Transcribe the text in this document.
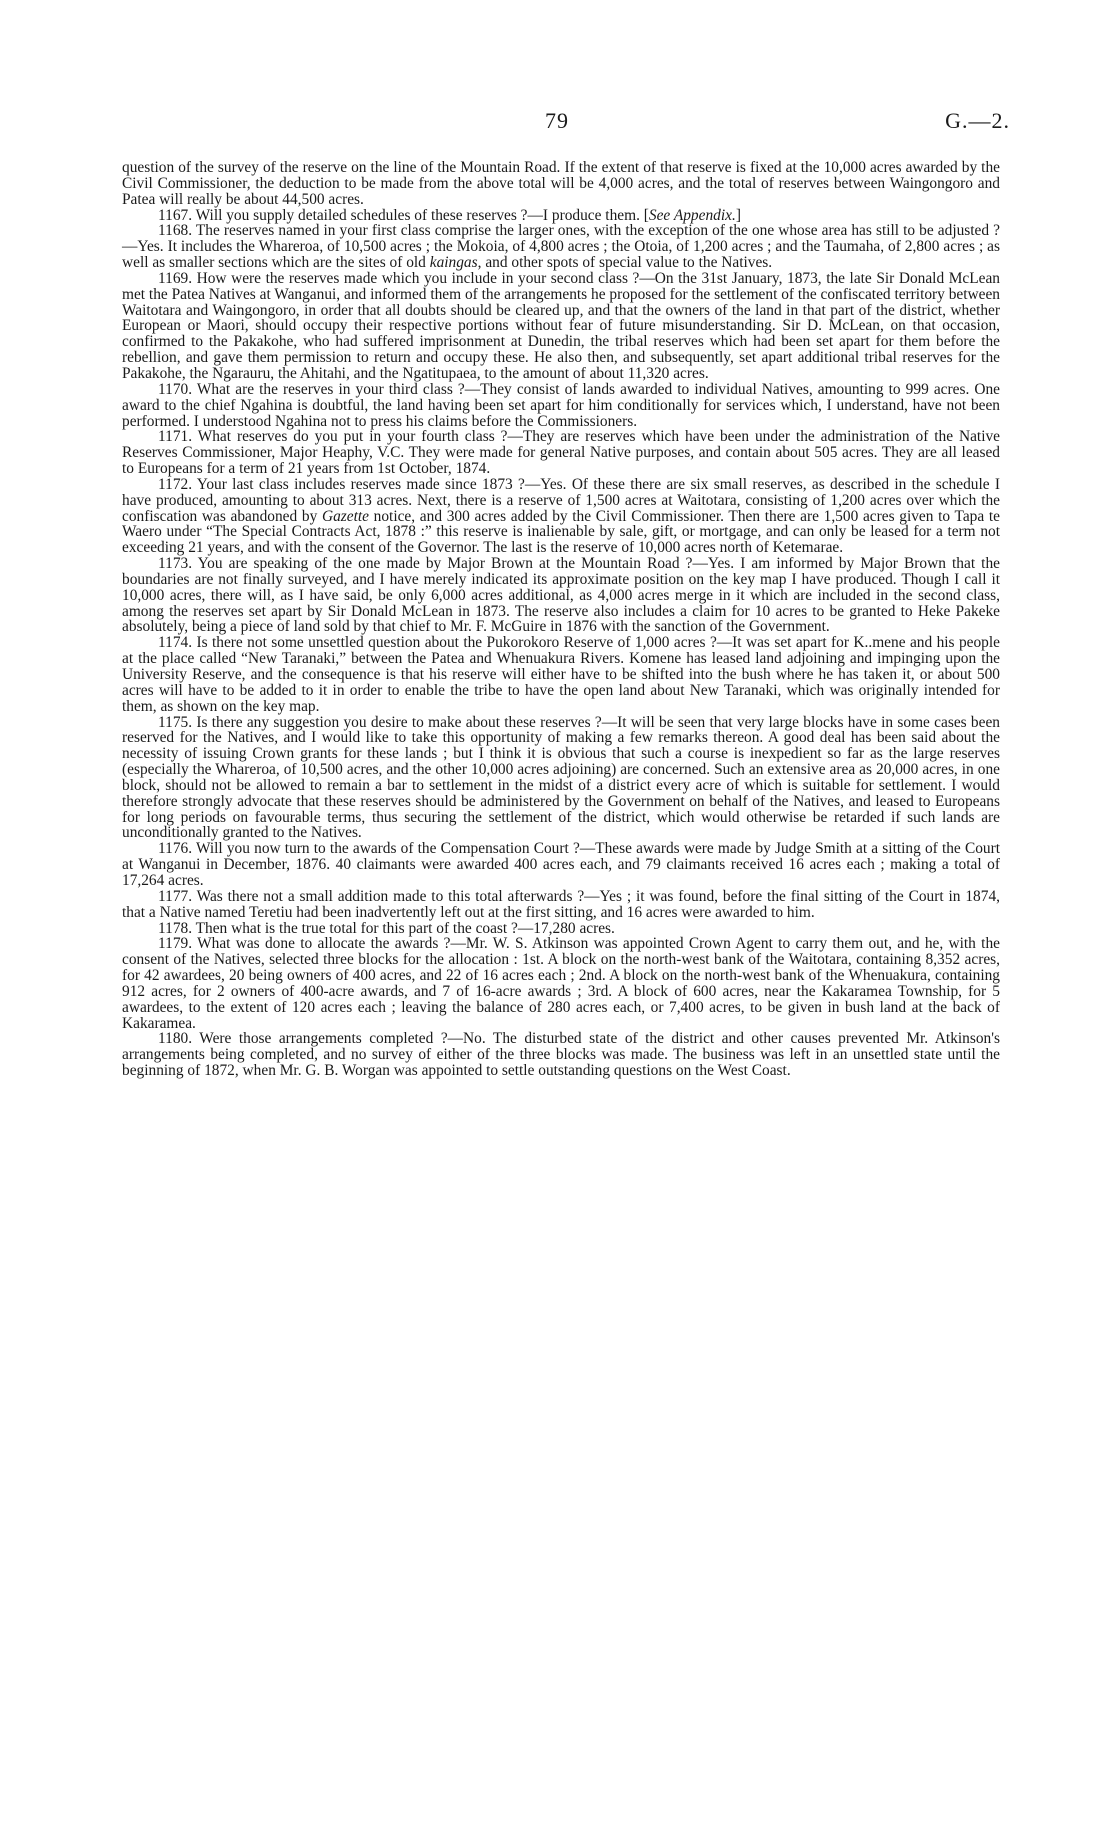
79	G.—2.

question of the survey of the reserve on the line of the Mountain Road. If the extent of that reserve is fixed at the 10,000 acres awarded by the Civil Commissioner, the deduction to be made from the above total will be 4,000 acres, and the total of reserves between Waingongoro and Patea will really be about 44,500 acres.

1167. Will you supply detailed schedules of these reserves ?—I produce them. [See Appendix.]

1168. The reserves named in your first class comprise the larger ones, with the exception of the one whose area has still to be adjusted ?—Yes. It includes the Whareroa, of 10,500 acres ; the Mokoia, of 4,800 acres ; the Otoia, of 1,200 acres ; and the Taumaha, of 2,800 acres ; as well as smaller sections which are the sites of old kaingas, and other spots of special value to the Natives.

1169. How were the reserves made which you include in your second class ?—On the 31st January, 1873, the late Sir Donald McLean met the Patea Natives at Wanganui, and informed them of the arrangements he proposed for the settlement of the confiscated territory between Waitotara and Waingongoro, in order that all doubts should be cleared up, and that the owners of the land in that part of the district, whether European or Maori, should occupy their respective portions without fear of future misunderstanding. Sir D. McLean, on that occasion, confirmed to the Pakakohe, who had suffered imprisonment at Dunedin, the tribal reserves which had been set apart for them before the rebellion, and gave them permission to return and occupy these. He also then, and subsequently, set apart additional tribal reserves for the Pakakohe, the Ngarauru, the Ahitahi, and the Ngatitupaea, to the amount of about 11,320 acres.

1170. What are the reserves in your third class ?—They consist of lands awarded to individual Natives, amounting to 999 acres. One award to the chief Ngahina is doubtful, the land having been set apart for him conditionally for services which, I understand, have not been performed. I understood Ngahina not to press his claims before the Commissioners.

1171. What reserves do you put in your fourth class ?—They are reserves which have been under the administration of the Native Reserves Commissioner, Major Heaphy, V.C. They were made for general Native purposes, and contain about 505 acres. They are all leased to Europeans for a term of 21 years from 1st October, 1874.

1172. Your last class includes reserves made since 1873 ?—Yes. Of these there are six small reserves, as described in the schedule I have produced, amounting to about 313 acres. Next, there is a reserve of 1,500 acres at Waitotara, consisting of 1,200 acres over which the confiscation was abandoned by Gazette notice, and 300 acres added by the Civil Commissioner. Then there are 1,500 acres given to Tapa te Waero under “The Special Contracts Act, 1878 :” this reserve is inalienable by sale, gift, or mortgage, and can only be leased for a term not exceeding 21 years, and with the consent of the Governor. The last is the reserve of 10,000 acres north of Ketemarae.

1173. You are speaking of the one made by Major Brown at the Mountain Road ?—Yes. I am informed by Major Brown that the boundaries are not finally surveyed, and I have merely indicated its approximate position on the key map I have produced. Though I call it 10,000 acres, there will, as I have said, be only 6,000 acres additional, as 4,000 acres merge in it which are included in the second class, among the reserves set apart by Sir Donald McLean in 1873. The reserve also includes a claim for 10 acres to be granted to Heke Pakeke absolutely, being a piece of land sold by that chief to Mr. F. McGuire in 1876 with the sanction of the Government.

1174. Is there not some unsettled question about the Pukorokoro Reserve of 1,000 acres ?—It was set apart for K..mene and his people at the place called “New Taranaki,” between the Patea and Whenuakura Rivers. Komene has leased land adjoining and impinging upon the University Reserve, and the consequence is that his reserve will either have to be shifted into the bush where he has taken it, or about 500 acres will have to be added to it in order to enable the tribe to have the open land about New Taranaki, which was originally intended for them, as shown on the key map.

1175. Is there any suggestion you desire to make about these reserves ?—It will be seen that very large blocks have in some cases been reserved for the Natives, and I would like to take this opportunity of making a few remarks thereon. A good deal has been said about the necessity of issuing Crown grants for these lands ; but I think it is obvious that such a course is inexpedient so far as the large reserves (especially the Whareroa, of 10,500 acres, and the other 10,000 acres adjoining) are concerned. Such an extensive area as 20,000 acres, in one block, should not be allowed to remain a bar to settlement in the midst of a district every acre of which is suitable for settlement. I would therefore strongly advocate that these reserves should be administered by the Government on behalf of the Natives, and leased to Europeans for long periods on favourable terms, thus securing the settlement of the district, which would otherwise be retarded if such lands are unconditionally granted to the Natives.

1176. Will you now turn to the awards of the Compensation Court ?—These awards were made by Judge Smith at a sitting of the Court at Wanganui in December, 1876. 40 claimants were awarded 400 acres each, and 79 claimants received 16 acres each ; making a total of 17,264 acres.

1177. Was there not a small addition made to this total afterwards ?—Yes ; it was found, before the final sitting of the Court in 1874, that a Native named Teretiu had been inadvertently left out at the first sitting, and 16 acres were awarded to him.

1178. Then what is the true total for this part of the coast ?—17,280 acres.

1179. What was done to allocate the awards ?—Mr. W. S. Atkinson was appointed Crown Agent to carry them out, and he, with the consent of the Natives, selected three blocks for the allocation : 1st. A block on the north-west bank of the Waitotara, containing 8,352 acres, for 42 awardees, 20 being owners of 400 acres, and 22 of 16 acres each ; 2nd. A block on the north-west bank of the Whenuakura, containing 912 acres, for 2 owners of 400-acre awards, and 7 of 16-acre awards ; 3rd. A block of 600 acres, near the Kakaramea Township, for 5 awardees, to the extent of 120 acres each ; leaving the balance of 280 acres each, or 7,400 acres, to be given in bush land at the back of Kakaramea.

1180. Were those arrangements completed ?—No. The disturbed state of the district and other causes prevented Mr. Atkinson's arrangements being completed, and no survey of either of the three blocks was made. The business was left in an unsettled state until the beginning of 1872, when Mr. G. B. Worgan was appointed to settle outstanding questions on the West Coast.
